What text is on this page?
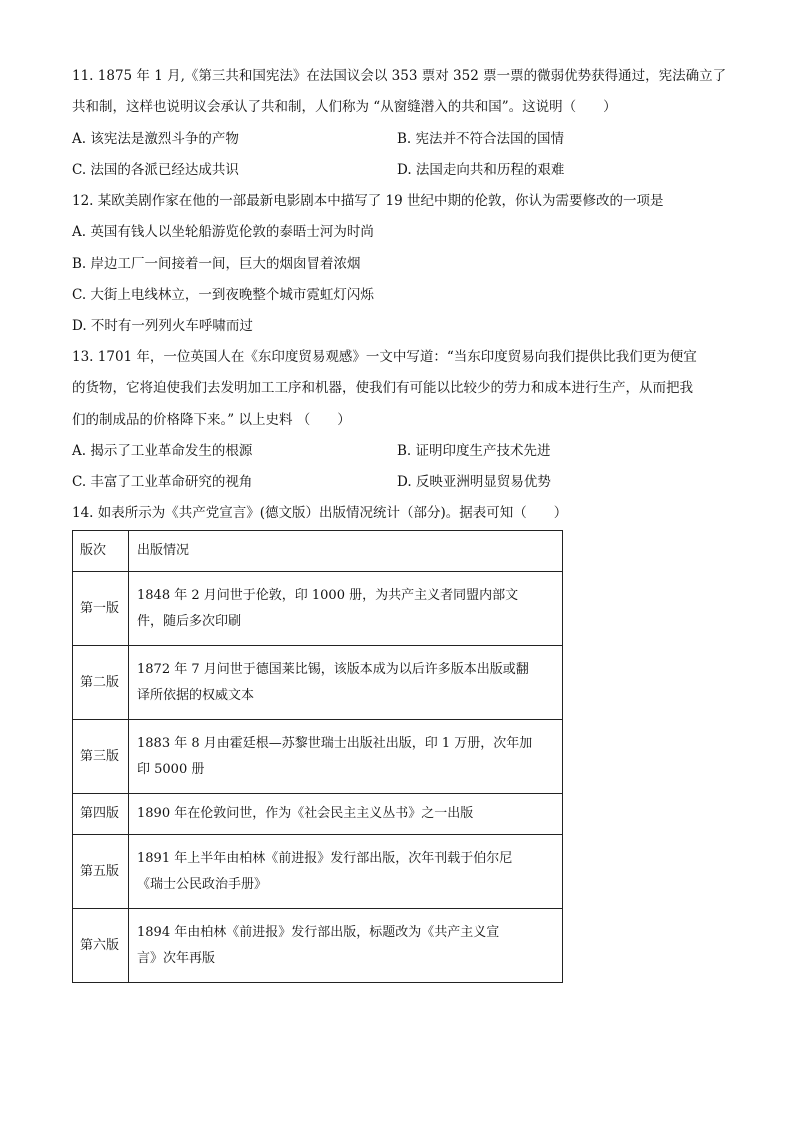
11. 1875 年 1 月,《第三共和国宪法》在法国议会以 353 票对 352 票一票的微弱优势获得通过，宪法确立了
共和制，这样也说明议会承认了共和制，人们称为 “从窗缝潜入的共和国”。这说明（　　）
A. 该宪法是激烈斗争的产物	B. 宪法并不符合法国的国情
C. 法国的各派已经达成共识	D. 法国走向共和历程的艰难
12. 某欧美剧作家在他的一部最新电影剧本中描写了 19 世纪中期的伦敦，你认为需要修改的一项是
A. 英国有钱人以坐轮船游览伦敦的泰晤士河为时尚
B. 岸边工厂一间接着一间，巨大的烟囱冒着浓烟
C. 大街上电线林立，一到夜晚整个城市霓虹灯闪烁
D. 不时有一列列火车呼啸而过
13. 1701 年，一位英国人在《东印度贸易观感》一文中写道：“当东印度贸易向我们提供比我们更为便宜
的货物，它将迫使我们去发明加工工序和机器，使我们有可能以比较少的劳力和成本进行生产，从而把我
们的制成品的价格降下来。” 以上史料 （　　）
A. 揭示了工业革命发生的根源	B. 证明印度生产技术先进
C. 丰富了工业革命研究的视角	D. 反映亚洲明显贸易优势
14. 如表所示为《共产党宣言》(德文版）出版情况统计（部分)。据表可知（　　）
版次	出版情况
第一版	1848 年 2 月问世于伦敦，印 1000 册，为共产主义者同盟内部文
件，随后多次印刷

第二版	1872 年 7 月问世于德国莱比锡，该版本成为以后许多版本出版或翻
译所依据的权威文本

第三版	1883 年 8 月由霍廷根—苏黎世瑞士出版社出版，印 1 万册，次年加
印 5000 册

第四版	1890 年在伦敦问世，作为《社会民主主义丛书》之一出版

第五版	1891 年上半年由柏林《前进报》发行部出版，次年刊载于伯尔尼
《瑞士公民政治手册》

第六版	1894 年由柏林《前进报》发行部出版，标题改为《共产主义宣
言》次年再版
